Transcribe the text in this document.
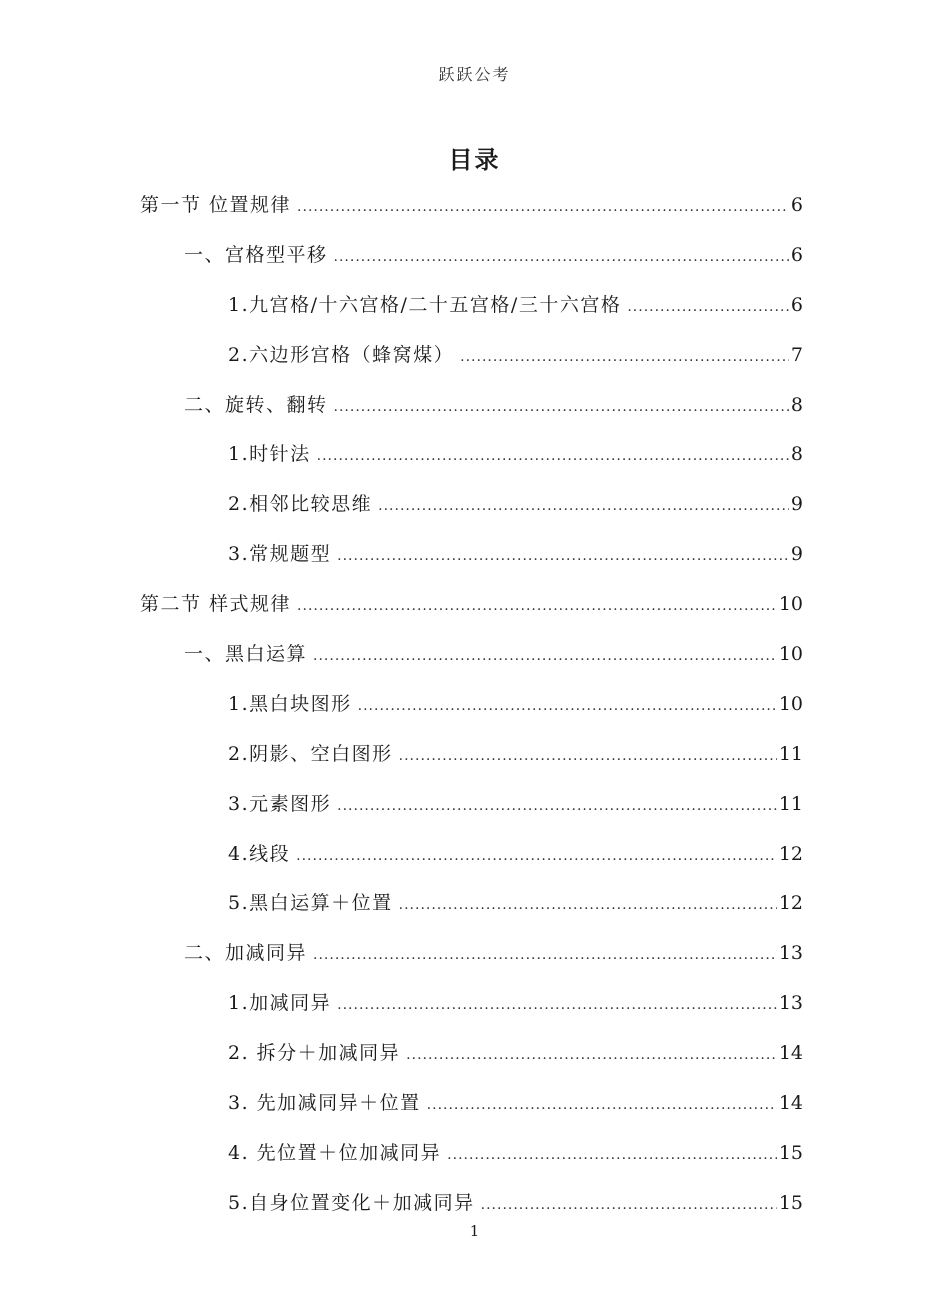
跃跃公考
目录
第一节 位置规律 .....	6
一、宫格型平移 .....	6
1.九宫格/十六宫格/二十五宫格/三十六宫格 .....	6
2.六边形宫格（蜂窝煤） .....	7
二、旋转、翻转 .....	8
1.时针法 .....	8
2.相邻比较思维 .....	9
3.常规题型 .....	9
第二节 样式规律 .....	10
一、黑白运算 .....	10
1.黑白块图形 .....	10
2.阴影、空白图形 .....	11
3.元素图形 .....	11
4.线段 .....	12
5.黑白运算＋位置 .....	12
二、加减同异 .....	13
1.加减同异 .....	13
2. 拆分＋加减同异 .....	14
3. 先加减同异＋位置 .....	14
4. 先位置＋位加减同异 .....	15
5.自身位置变化＋加减同异 .....	15
1
